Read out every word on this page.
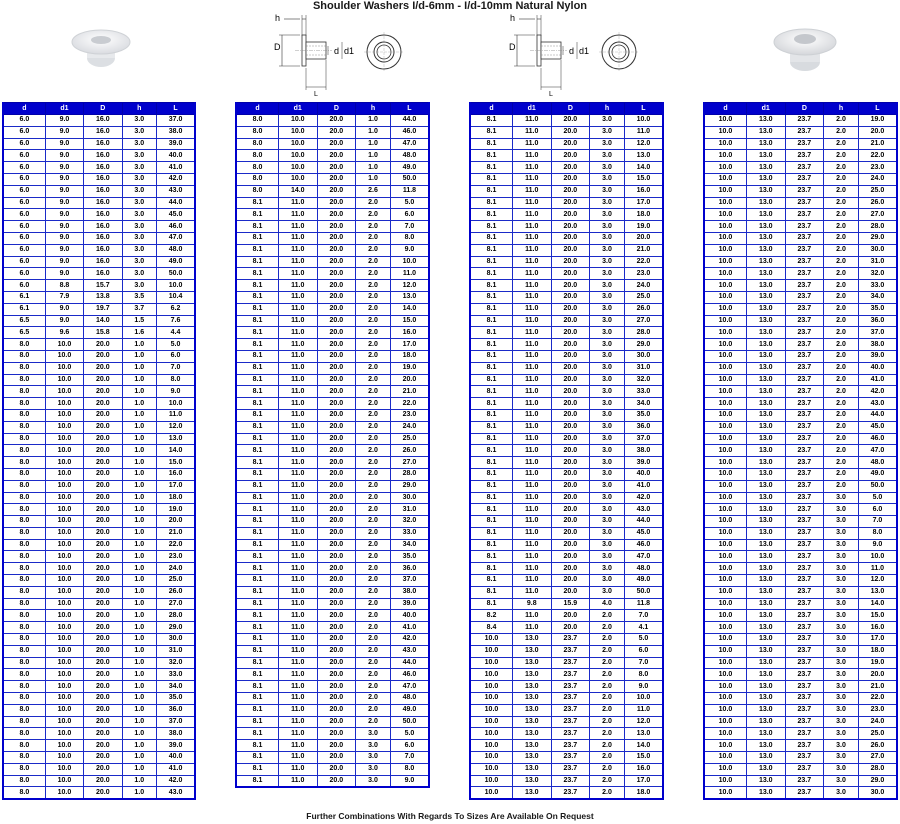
Shoulder Washers I/d-6mm - I/d-10mm Natural Nylon
h
D	d d1
L
h
D	d d1
L
d	d1	D	h	L
6.0	9.0	16.0	3.0	37.0
6.0	9.0	16.0	3.0	38.0
6.0	9.0	16.0	3.0	39.0
6.0	9.0	16.0	3.0	40.0
6.0	9.0	16.0	3.0	41.0
6.0	9.0	16.0	3.0	42.0
6.0	9.0	16.0	3.0	43.0
6.0	9.0	16.0	3.0	44.0
6.0	9.0	16.0	3.0	45.0
6.0	9.0	16.0	3.0	46.0
6.0	9.0	16.0	3.0	47.0
6.0	9.0	16.0	3.0	48.0
6.0	9.0	16.0	3.0	49.0
6.0	9.0	16.0	3.0	50.0
6.0	8.8	15.7	3.0	10.0
6.1	7.9	13.8	3.5	10.4
6.1	9.0	19.7	3.7	6.2
6.5	9.0	14.0	1.5	7.6
6.5	9.6	15.8	1.6	4.4
8.0	10.0	20.0	1.0	5.0
8.0	10.0	20.0	1.0	6.0
8.0	10.0	20.0	1.0	7.0
8.0	10.0	20.0	1.0	8.0
8.0	10.0	20.0	1.0	9.0
8.0	10.0	20.0	1.0	10.0
8.0	10.0	20.0	1.0	11.0
8.0	10.0	20.0	1.0	12.0
8.0	10.0	20.0	1.0	13.0
8.0	10.0	20.0	1.0	14.0
8.0	10.0	20.0	1.0	15.0
8.0	10.0	20.0	1.0	16.0
8.0	10.0	20.0	1.0	17.0
8.0	10.0	20.0	1.0	18.0
8.0	10.0	20.0	1.0	19.0
8.0	10.0	20.0	1.0	20.0
8.0	10.0	20.0	1.0	21.0
8.0	10.0	20.0	1.0	22.0
8.0	10.0	20.0	1.0	23.0
8.0	10.0	20.0	1.0	24.0
8.0	10.0	20.0	1.0	25.0
8.0	10.0	20.0	1.0	26.0
8.0	10.0	20.0	1.0	27.0
8.0	10.0	20.0	1.0	28.0
8.0	10.0	20.0	1.0	29.0
8.0	10.0	20.0	1.0	30.0
8.0	10.0	20.0	1.0	31.0
8.0	10.0	20.0	1.0	32.0
8.0	10.0	20.0	1.0	33.0
8.0	10.0	20.0	1.0	34.0
8.0	10.0	20.0	1.0	35.0
8.0	10.0	20.0	1.0	36.0
8.0	10.0	20.0	1.0	37.0
8.0	10.0	20.0	1.0	38.0
8.0	10.0	20.0	1.0	39.0
8.0	10.0	20.0	1.0	40.0
8.0	10.0	20.0	1.0	41.0
8.0	10.0	20.0	1.0	42.0
8.0	10.0	20.0	1.0	43.0
d	d1	D	h	L
8.0	10.0	20.0	1.0	44.0
8.0	10.0	20.0	1.0	46.0
8.0	10.0	20.0	1.0	47.0
8.0	10.0	20.0	1.0	48.0
8.0	10.0	20.0	1.0	49.0
8.0	10.0	20.0	1.0	50.0
8.0	14.0	20.0	2.6	11.8
8.1	11.0	20.0	2.0	5.0
8.1	11.0	20.0	2.0	6.0
8.1	11.0	20.0	2.0	7.0
8.1	11.0	20.0	2.0	8.0
8.1	11.0	20.0	2.0	9.0
8.1	11.0	20.0	2.0	10.0
8.1	11.0	20.0	2.0	11.0
8.1	11.0	20.0	2.0	12.0
8.1	11.0	20.0	2.0	13.0
8.1	11.0	20.0	2.0	14.0
8.1	11.0	20.0	2.0	15.0
8.1	11.0	20.0	2.0	16.0
8.1	11.0	20.0	2.0	17.0
8.1	11.0	20.0	2.0	18.0
8.1	11.0	20.0	2.0	19.0
8.1	11.0	20.0	2.0	20.0
8.1	11.0	20.0	2.0	21.0
8.1	11.0	20.0	2.0	22.0
8.1	11.0	20.0	2.0	23.0
8.1	11.0	20.0	2.0	24.0
8.1	11.0	20.0	2.0	25.0
8.1	11.0	20.0	2.0	26.0
8.1	11.0	20.0	2.0	27.0
8.1	11.0	20.0	2.0	28.0
8.1	11.0	20.0	2.0	29.0
8.1	11.0	20.0	2.0	30.0
8.1	11.0	20.0	2.0	31.0
8.1	11.0	20.0	2.0	32.0
8.1	11.0	20.0	2.0	33.0
8.1	11.0	20.0	2.0	34.0
8.1	11.0	20.0	2.0	35.0
8.1	11.0	20.0	2.0	36.0
8.1	11.0	20.0	2.0	37.0
8.1	11.0	20.0	2.0	38.0
8.1	11.0	20.0	2.0	39.0
8.1	11.0	20.0	2.0	40.0
8.1	11.0	20.0	2.0	41.0
8.1	11.0	20.0	2.0	42.0
8.1	11.0	20.0	2.0	43.0
8.1	11.0	20.0	2.0	44.0
8.1	11.0	20.0	2.0	46.0
8.1	11.0	20.0	2.0	47.0
8.1	11.0	20.0	2.0	48.0
8.1	11.0	20.0	2.0	49.0
8.1	11.0	20.0	2.0	50.0
8.1	11.0	20.0	3.0	5.0
8.1	11.0	20.0	3.0	6.0
8.1	11.0	20.0	3.0	7.0
8.1	11.0	20.0	3.0	8.0
8.1	11.0	20.0	3.0	9.0
d	d1	D	h	L
8.1	11.0	20.0	3.0	10.0
8.1	11.0	20.0	3.0	11.0
8.1	11.0	20.0	3.0	12.0
8.1	11.0	20.0	3.0	13.0
8.1	11.0	20.0	3.0	14.0
8.1	11.0	20.0	3.0	15.0
8.1	11.0	20.0	3.0	16.0
8.1	11.0	20.0	3.0	17.0
8.1	11.0	20.0	3.0	18.0
8.1	11.0	20.0	3.0	19.0
8.1	11.0	20.0	3.0	20.0
8.1	11.0	20.0	3.0	21.0
8.1	11.0	20.0	3.0	22.0
8.1	11.0	20.0	3.0	23.0
8.1	11.0	20.0	3.0	24.0
8.1	11.0	20.0	3.0	25.0
8.1	11.0	20.0	3.0	26.0
8.1	11.0	20.0	3.0	27.0
8.1	11.0	20.0	3.0	28.0
8.1	11.0	20.0	3.0	29.0
8.1	11.0	20.0	3.0	30.0
8.1	11.0	20.0	3.0	31.0
8.1	11.0	20.0	3.0	32.0
8.1	11.0	20.0	3.0	33.0
8.1	11.0	20.0	3.0	34.0
8.1	11.0	20.0	3.0	35.0
8.1	11.0	20.0	3.0	36.0
8.1	11.0	20.0	3.0	37.0
8.1	11.0	20.0	3.0	38.0
8.1	11.0	20.0	3.0	39.0
8.1	11.0	20.0	3.0	40.0
8.1	11.0	20.0	3.0	41.0
8.1	11.0	20.0	3.0	42.0
8.1	11.0	20.0	3.0	43.0
8.1	11.0	20.0	3.0	44.0
8.1	11.0	20.0	3.0	45.0
8.1	11.0	20.0	3.0	46.0
8.1	11.0	20.0	3.0	47.0
8.1	11.0	20.0	3.0	48.0
8.1	11.0	20.0	3.0	49.0
8.1	11.0	20.0	3.0	50.0
8.1	9.8	15.9	4.0	11.8
8.2	11.0	20.0	2.0	7.0
8.4	11.0	20.0	2.0	4.1
10.0	13.0	23.7	2.0	5.0
10.0	13.0	23.7	2.0	6.0
10.0	13.0	23.7	2.0	7.0
10.0	13.0	23.7	2.0	8.0
10.0	13.0	23.7	2.0	9.0
10.0	13.0	23.7	2.0	10.0
10.0	13.0	23.7	2.0	11.0
10.0	13.0	23.7	2.0	12.0
10.0	13.0	23.7	2.0	13.0
10.0	13.0	23.7	2.0	14.0
10.0	13.0	23.7	2.0	15.0
10.0	13.0	23.7	2.0	16.0
10.0	13.0	23.7	2.0	17.0
10.0	13.0	23.7	2.0	18.0
d	d1	D	h	L
10.0	13.0	23.7	2.0	19.0
10.0	13.0	23.7	2.0	20.0
10.0	13.0	23.7	2.0	21.0
10.0	13.0	23.7	2.0	22.0
10.0	13.0	23.7	2.0	23.0
10.0	13.0	23.7	2.0	24.0
10.0	13.0	23.7	2.0	25.0
10.0	13.0	23.7	2.0	26.0
10.0	13.0	23.7	2.0	27.0
10.0	13.0	23.7	2.0	28.0
10.0	13.0	23.7	2.0	29.0
10.0	13.0	23.7	2.0	30.0
10.0	13.0	23.7	2.0	31.0
10.0	13.0	23.7	2.0	32.0
10.0	13.0	23.7	2.0	33.0
10.0	13.0	23.7	2.0	34.0
10.0	13.0	23.7	2.0	35.0
10.0	13.0	23.7	2.0	36.0
10.0	13.0	23.7	2.0	37.0
10.0	13.0	23.7	2.0	38.0
10.0	13.0	23.7	2.0	39.0
10.0	13.0	23.7	2.0	40.0
10.0	13.0	23.7	2.0	41.0
10.0	13.0	23.7	2.0	42.0
10.0	13.0	23.7	2.0	43.0
10.0	13.0	23.7	2.0	44.0
10.0	13.0	23.7	2.0	45.0
10.0	13.0	23.7	2.0	46.0
10.0	13.0	23.7	2.0	47.0
10.0	13.0	23.7	2.0	48.0
10.0	13.0	23.7	2.0	49.0
10.0	13.0	23.7	2.0	50.0
10.0	13.0	23.7	3.0	5.0
10.0	13.0	23.7	3.0	6.0
10.0	13.0	23.7	3.0	7.0
10.0	13.0	23.7	3.0	8.0
10.0	13.0	23.7	3.0	9.0
10.0	13.0	23.7	3.0	10.0
10.0	13.0	23.7	3.0	11.0
10.0	13.0	23.7	3.0	12.0
10.0	13.0	23.7	3.0	13.0
10.0	13.0	23.7	3.0	14.0
10.0	13.0	23.7	3.0	15.0
10.0	13.0	23.7	3.0	16.0
10.0	13.0	23.7	3.0	17.0
10.0	13.0	23.7	3.0	18.0
10.0	13.0	23.7	3.0	19.0
10.0	13.0	23.7	3.0	20.0
10.0	13.0	23.7	3.0	21.0
10.0	13.0	23.7	3.0	22.0
10.0	13.0	23.7	3.0	23.0
10.0	13.0	23.7	3.0	24.0
10.0	13.0	23.7	3.0	25.0
10.0	13.0	23.7	3.0	26.0
10.0	13.0	23.7	3.0	27.0
10.0	13.0	23.7	3.0	28.0
10.0	13.0	23.7	3.0	29.0
10.0	13.0	23.7	3.0	30.0
Further Combinations With Regards To Sizes Are Available On Request
